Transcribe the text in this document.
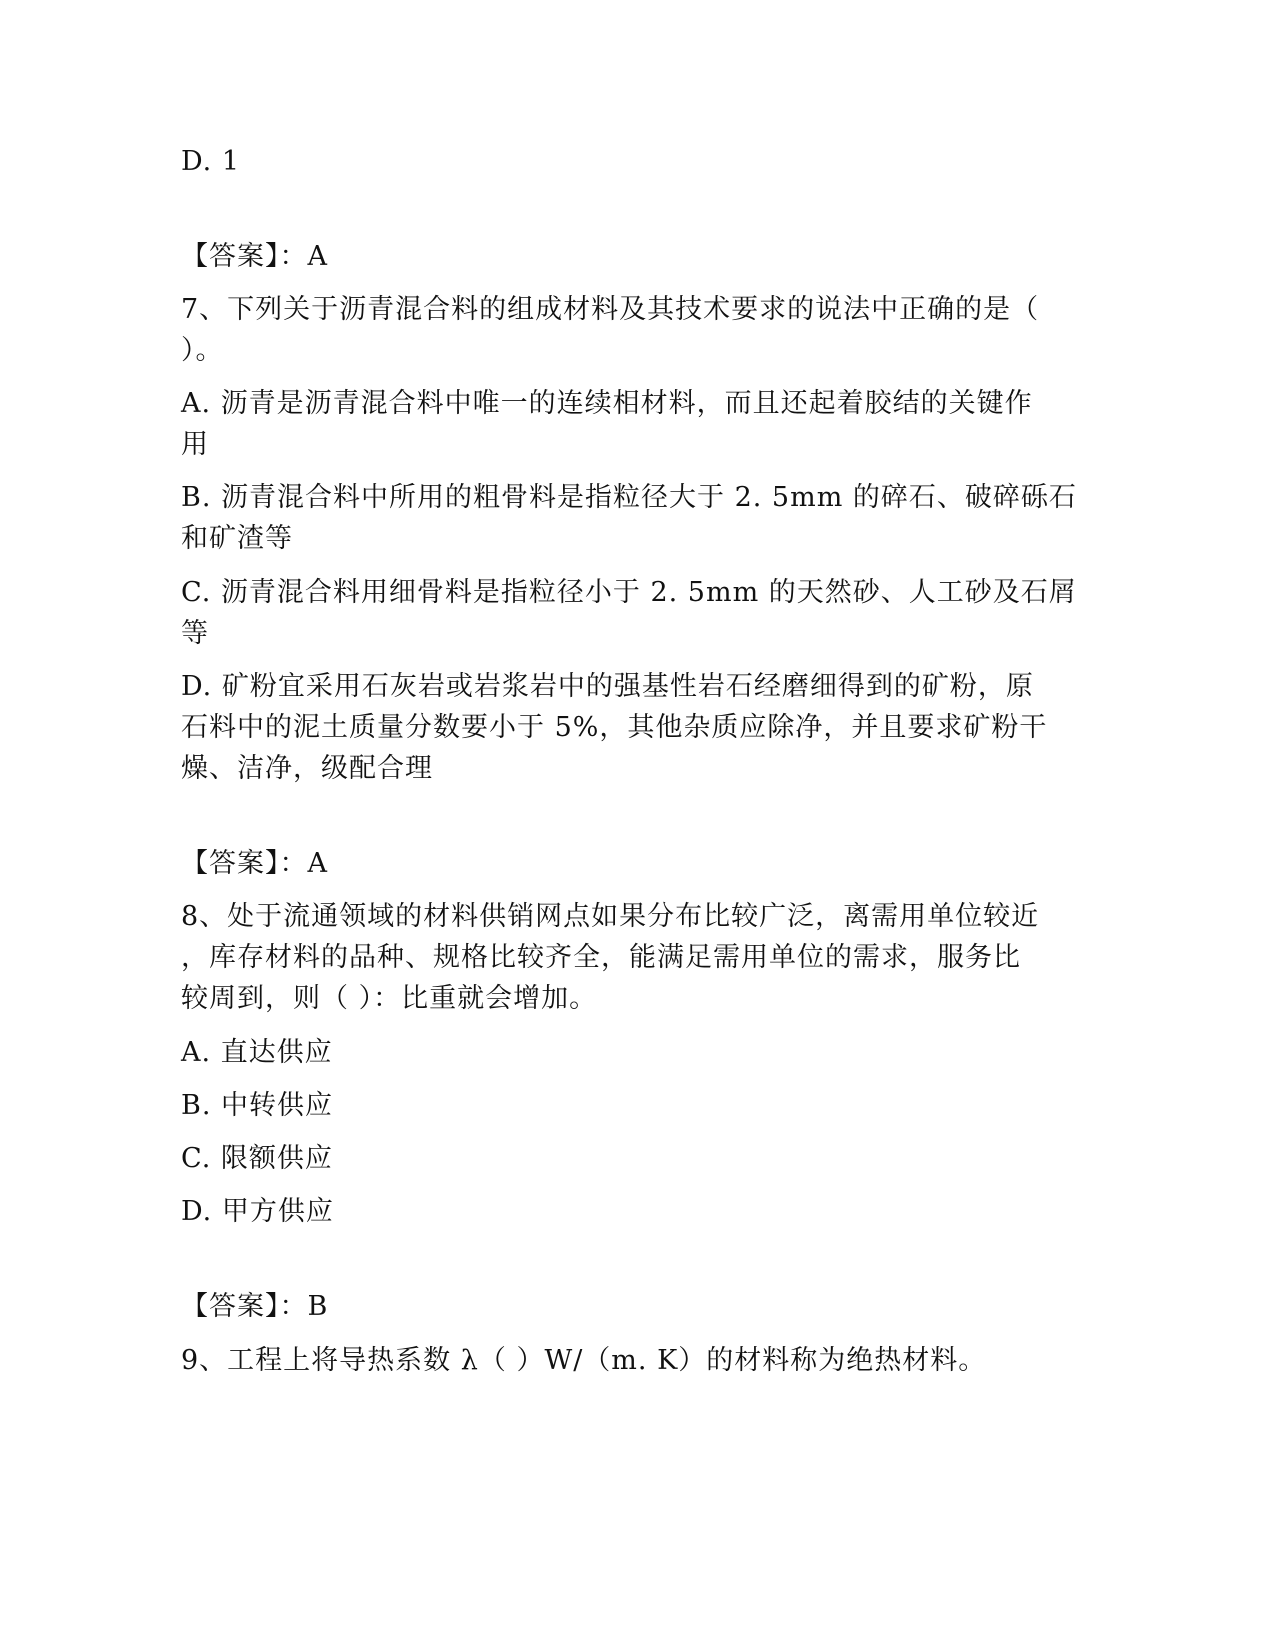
D. 1
【答案】：A
7、下列关于沥青混合料的组成材料及其技术要求的说法中正确的是（
）。
A. 沥青是沥青混合料中唯一的连续相材料，而且还起着胶结的关键作
用
B. 沥青混合料中所用的粗骨料是指粒径大于 2. 5mm 的碎石、破碎砾石
和矿渣等
C. 沥青混合料用细骨料是指粒径小于 2. 5mm 的天然砂、人工砂及石屑
等
D. 矿粉宜采用石灰岩或岩浆岩中的强基性岩石经磨细得到的矿粉，原
石料中的泥土质量分数要小于 5%，其他杂质应除净，并且要求矿粉干
燥、洁净，级配合理
【答案】：A
8、处于流通领域的材料供销网点如果分布比较广泛，离需用单位较近
，库存材料的品种、规格比较齐全，能满足需用单位的需求，服务比
较周到，则（ ）：比重就会增加。
A. 直达供应
B. 中转供应
C. 限额供应
D. 甲方供应
【答案】：B
9、工程上将导热系数 λ（ ）W/（m. K）的材料称为绝热材料。
